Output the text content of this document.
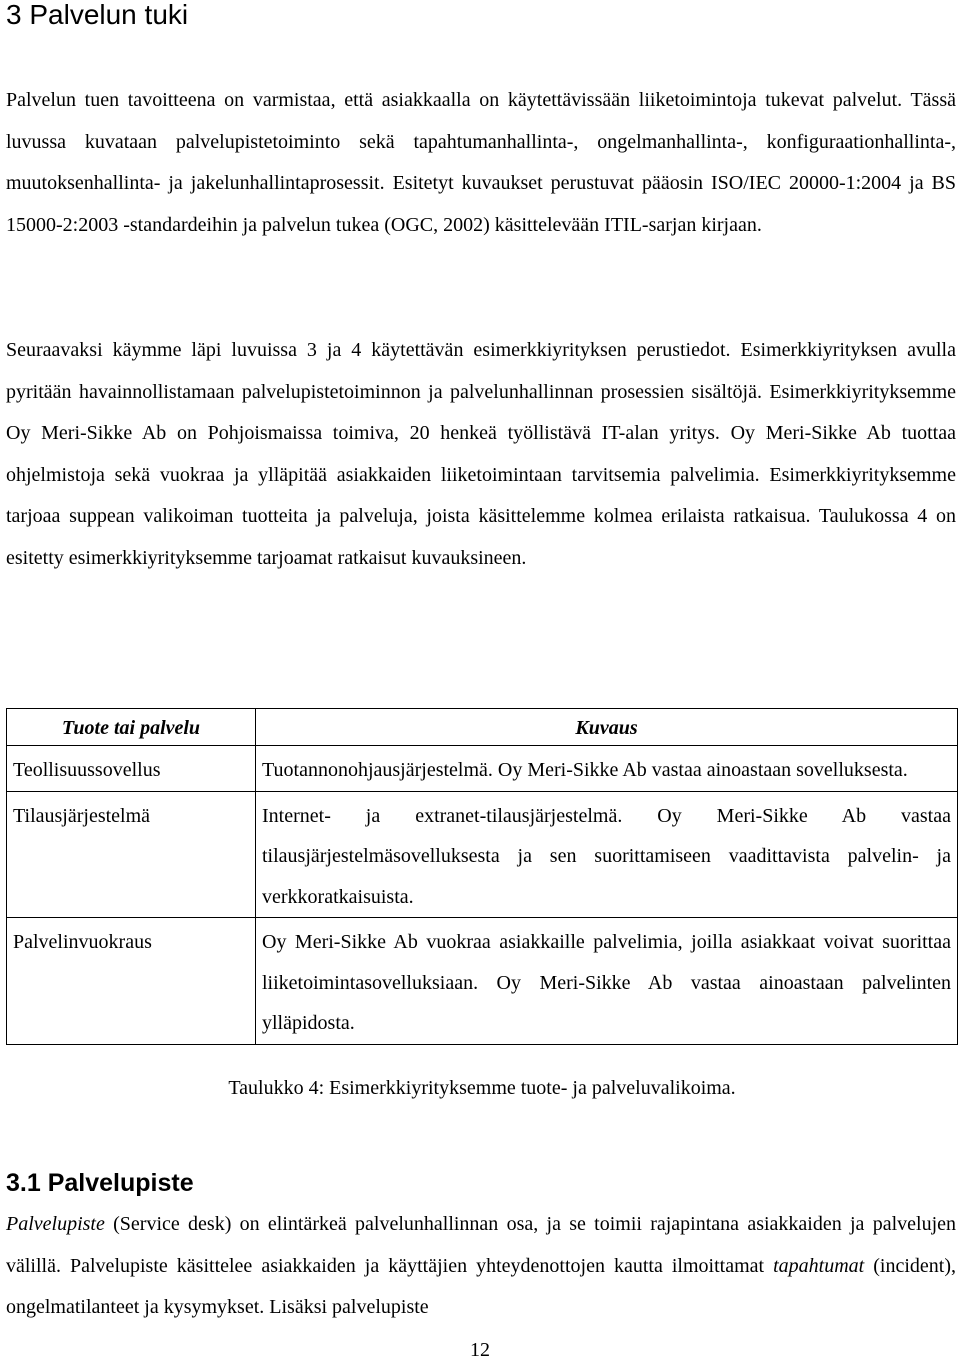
3 Palvelun tuki

Palvelun tuen tavoitteena on varmistaa, että asiakkaalla on käytettävissään liiketoimintoja tukevat palvelut. Tässä luvussa kuvataan palvelupistetoiminto sekä tapahtumanhallinta-, ongelmanhallinta-, konfiguraationhallinta-, muutoksenhallinta- ja jakelunhallintaprosessit. Esitetyt kuvaukset perustuvat pääosin ISO/IEC 20000-1:2004 ja BS 15000-2:2003 -standardeihin ja palvelun tukea (OGC, 2002) käsittelevään ITIL-sarjan kirjaan.

Seuraavaksi käymme läpi luvuissa 3 ja 4 käytettävän esimerkkiyrityksen perustiedot. Esimerkkiyrityksen avulla pyritään havainnollistamaan palvelupistetoiminnon ja palvelunhallinnan prosessien sisältöjä. Esimerkkiyrityksemme Oy Meri-Sikke Ab on Pohjoismaissa toimiva, 20 henkeä työllistävä IT-alan yritys. Oy Meri-Sikke Ab tuottaa ohjelmistoja sekä vuokraa ja ylläpitää asiakkaiden liiketoimintaan tarvitsemia palvelimia. Esimerkkiyrityksemme tarjoaa suppean valikoiman tuotteita ja palveluja, joista käsittelemme kolmea erilaista ratkaisua. Taulukossa 4 on esitetty esimerkkiyrityksemme tarjoamat ratkaisut kuvauksineen.

Tuote tai palvelu	Kuvaus
Teollisuussovellus	Tuotannonohjausjärjestelmä. Oy Meri-Sikke Ab vastaa ainoastaan sovelluksesta.
Tilausjärjestelmä	Internet- ja extranet-tilausjärjestelmä. Oy Meri-Sikke Ab vastaa tilausjärjestelmäsovelluksesta ja sen suorittamiseen vaadittavista palvelin- ja verkkoratkaisuista.
Palvelinvuokraus	Oy Meri-Sikke Ab vuokraa asiakkaille palvelimia, joilla asiakkaat voivat suorittaa liiketoimintasovelluksiaan. Oy Meri-Sikke Ab vastaa ainoastaan palvelinten ylläpidosta.
Taulukko 4: Esimerkkiyrityksemme tuote- ja palveluvalikoima.
3.1 Palvelupiste

Palvelupiste (Service desk) on elintärkeä palvelunhallinnan osa, ja se toimii rajapintana asiakkaiden ja palvelujen välillä. Palvelupiste käsittelee asiakkaiden ja käyttäjien yhteydenottojen kautta ilmoittamat tapahtumat (incident), ongelmatilanteet ja kysymykset. Lisäksi palvelupiste

12
